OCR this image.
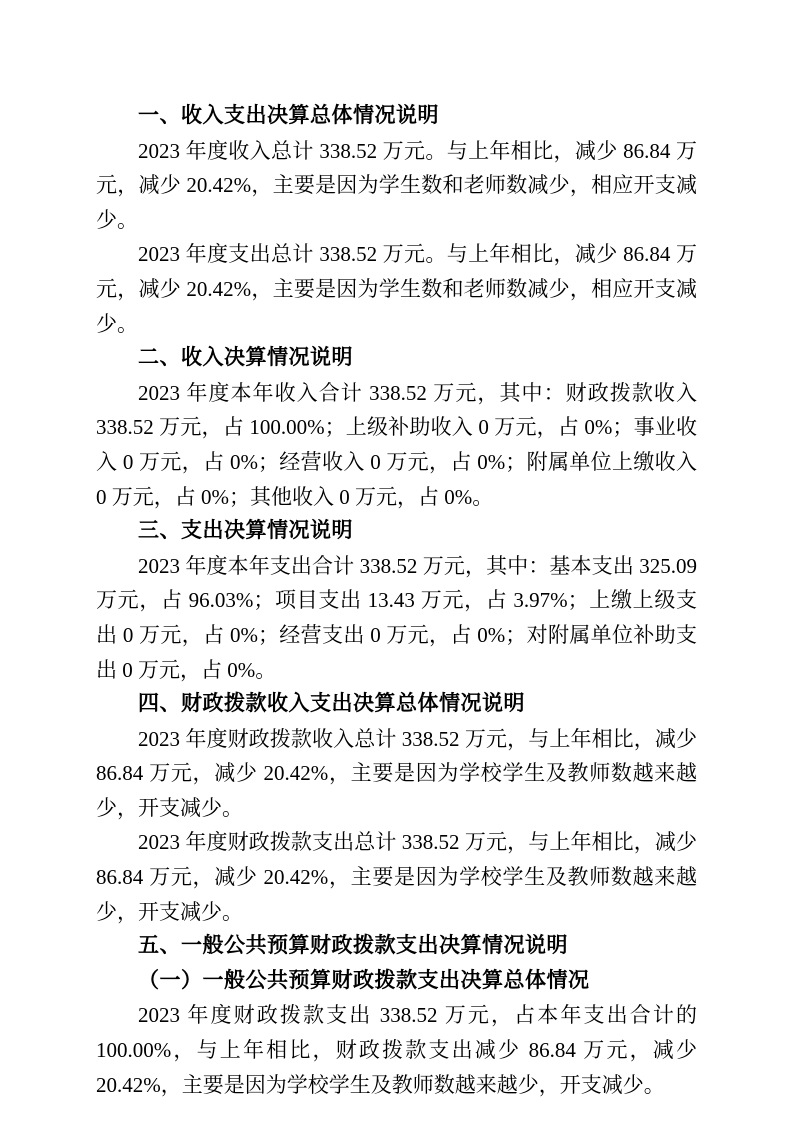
一、收入支出决算总体情况说明

2023 年度收入总计 338.52 万元。与上年相比，减少 86.84 万元，减少 20.42%，主要是因为学生数和老师数减少，相应开支减少。

2023 年度支出总计 338.52 万元。与上年相比，减少 86.84 万元，减少 20.42%，主要是因为学生数和老师数减少，相应开支减少。

二、收入决算情况说明

2023 年度本年收入合计 338.52 万元，其中：财政拨款收入 338.52 万元，占 100.00%；上级补助收入 0 万元，占 0%；事业收入 0 万元，占 0%；经营收入 0 万元，占 0%；附属单位上缴收入 0 万元，占 0%；其他收入 0 万元，占 0%。

三、支出决算情况说明

2023 年度本年支出合计 338.52 万元，其中：基本支出 325.09 万元，占 96.03%；项目支出 13.43 万元，占 3.97%；上缴上级支出 0 万元，占 0%；经营支出 0 万元，占 0%；对附属单位补助支出 0 万元，占 0%。

四、财政拨款收入支出决算总体情况说明

2023 年度财政拨款收入总计 338.52 万元，与上年相比，减少 86.84 万元，减少 20.42%，主要是因为学校学生及教师数越来越少，开支减少。

2023 年度财政拨款支出总计 338.52 万元，与上年相比，减少 86.84 万元，减少 20.42%，主要是因为学校学生及教师数越来越少，开支减少。

五、一般公共预算财政拨款支出决算情况说明
（一）一般公共预算财政拨款支出决算总体情况

2023 年度财政拨款支出 338.52 万元，占本年支出合计的 100.00%，与上年相比，财政拨款支出减少 86.84 万元，减少 20.42%，主要是因为学校学生及教师数越来越少，开支减少。
